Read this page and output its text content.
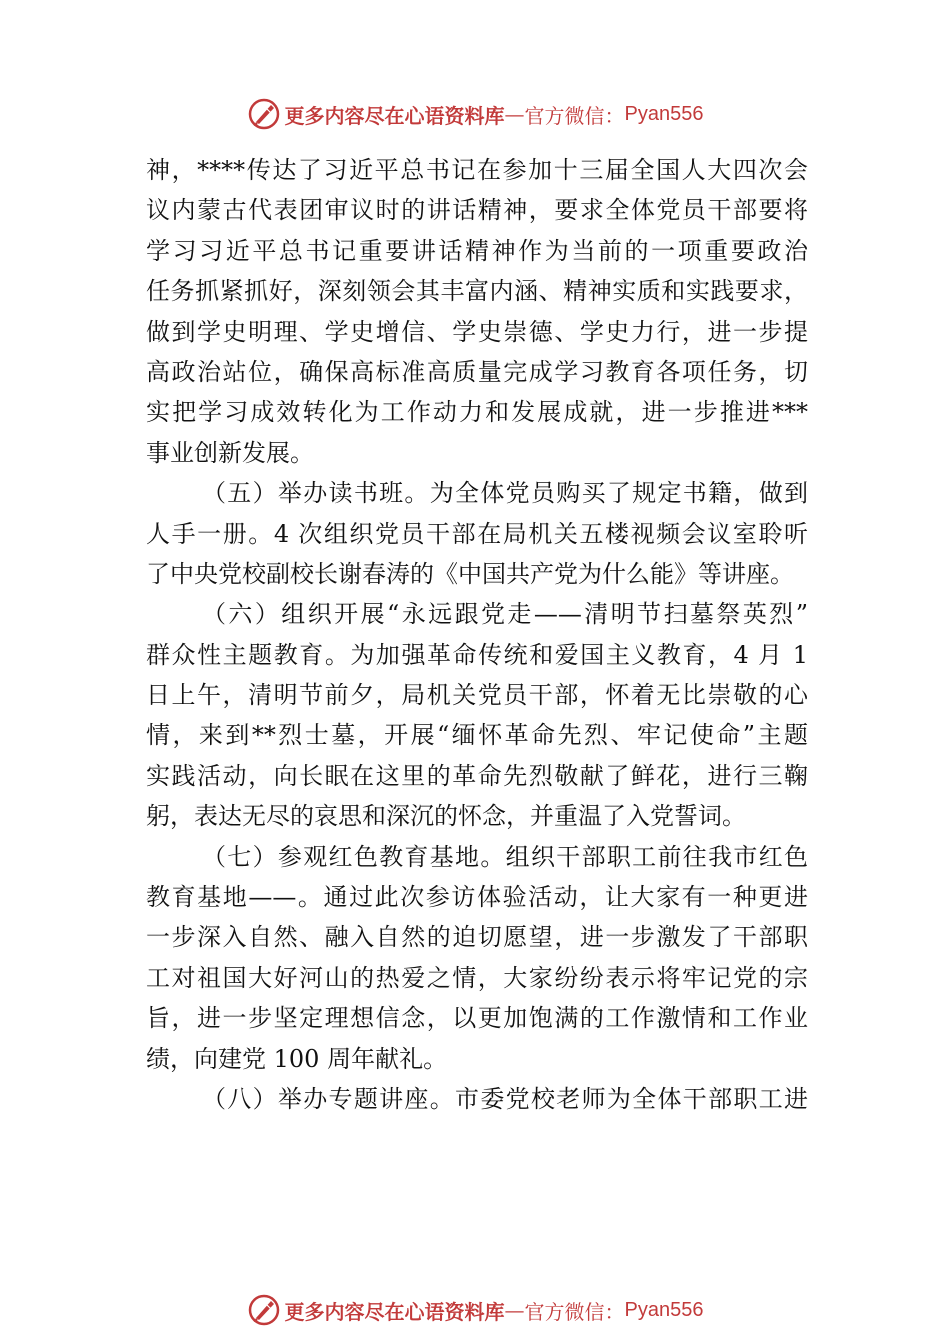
更多内容尽在心语资料库 — 官方微信： Pyan556
神，****传达了习近平总书记在参加十三届全国人大四次会
议内蒙古代表团审议时的讲话精神，要求全体党员干部要将
学习习近平总书记重要讲话精神作为当前的一项重要政治
任务抓紧抓好，深刻领会其丰富内涵、精神实质和实践要求，
做到学史明理、学史增信、学史崇德、学史力行，进一步提
高政治站位，确保高标准高质量完成学习教育各项任务，切
实把学习成效转化为工作动力和发展成就，进一步推进***
事业创新发展。
（五）举办读书班。为全体党员购买了规定书籍，做到
人手一册。4 次组织党员干部在局机关五楼视频会议室聆听
了中央党校副校长谢春涛的《中国共产党为什么能》等讲座。
（六）组织开展“永远跟党走——清明节扫墓祭英烈”
群众性主题教育。为加强革命传统和爱国主义教育，4 月 1
日上午，清明节前夕，局机关党员干部，怀着无比崇敬的心
情，来到**烈士墓，开展“缅怀革命先烈、牢记使命”主题
实践活动，向长眠在这里的革命先烈敬献了鲜花，进行三鞠
躬，表达无尽的哀思和深沉的怀念，并重温了入党誓词。
（七）参观红色教育基地。组织干部职工前往我市红色
教育基地——。通过此次参访体验活动，让大家有一种更进
一步深入自然、融入自然的迫切愿望，进一步激发了干部职
工对祖国大好河山的热爱之情，大家纷纷表示将牢记党的宗
旨，进一步坚定理想信念，以更加饱满的工作激情和工作业
绩，向建党 100 周年献礼。
（八）举办专题讲座。市委党校老师为全体干部职工进
更多内容尽在心语资料库 — 官方微信： Pyan556
